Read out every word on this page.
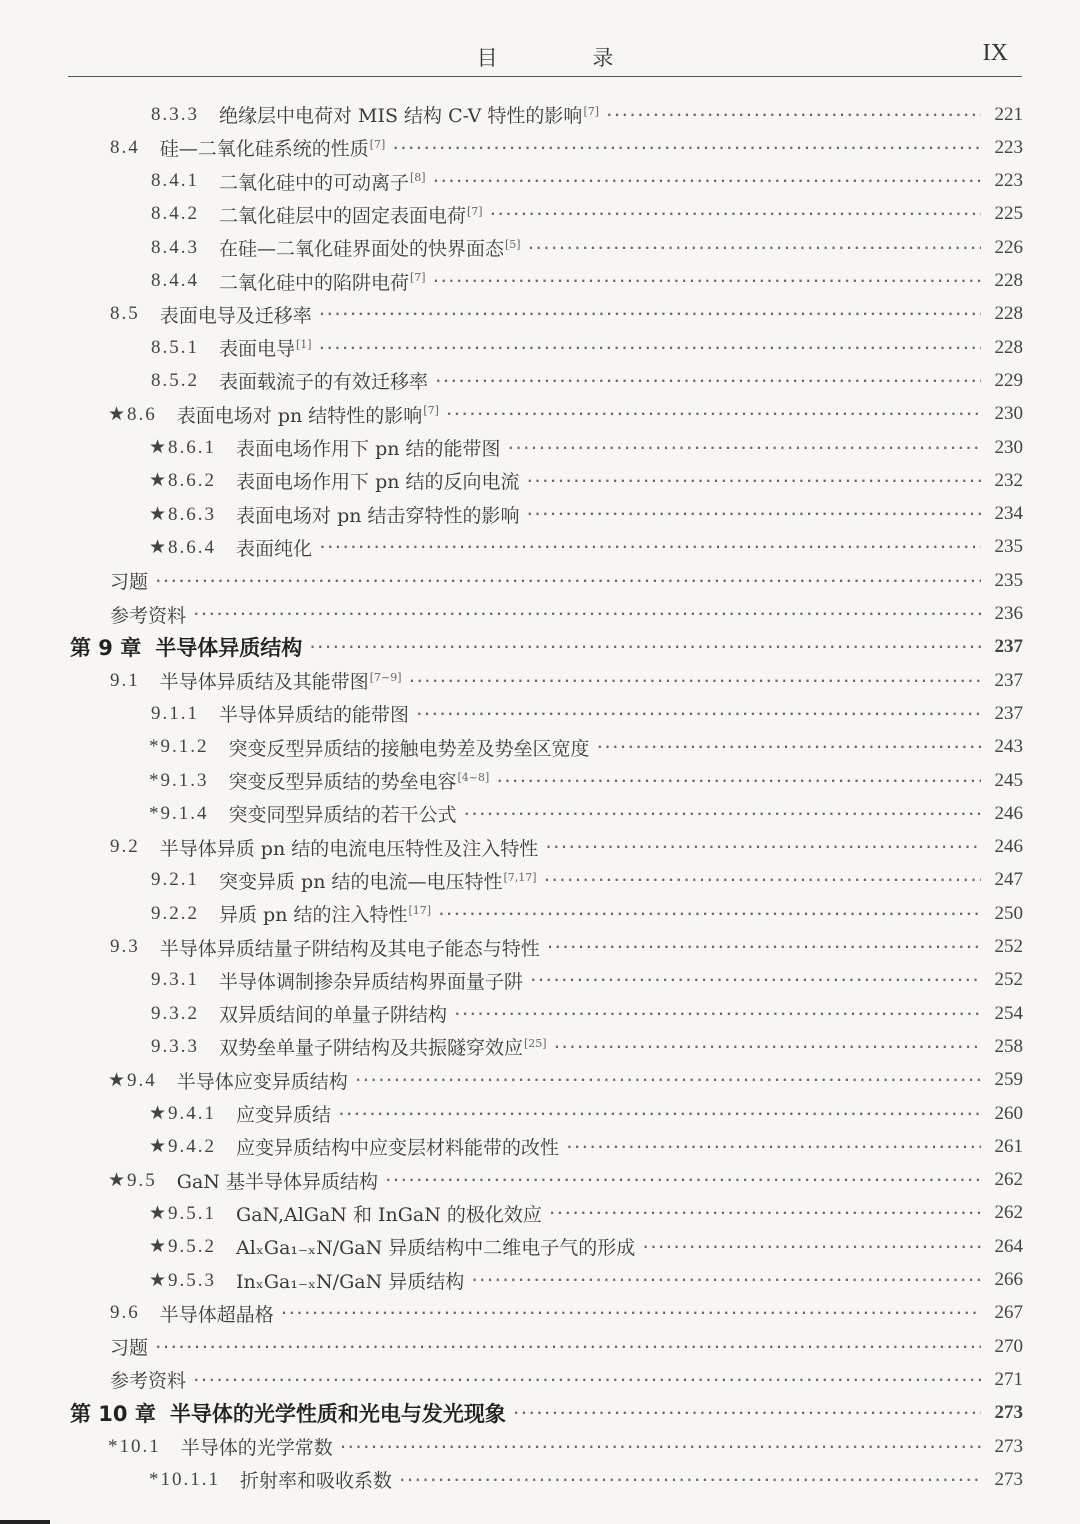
目 录	IX
8.3.3 绝缘层中电荷对 MIS 结构 C-V 特性的影响[7] ·····	221
8.4 硅—二氧化硅系统的性质[7] ·····	223
8.4.1 二氧化硅中的可动离子[8] ·····	223
8.4.2 二氧化硅层中的固定表面电荷[7] ·····	225
8.4.3 在硅—二氧化硅界面处的快界面态[5] ·····	226
8.4.4 二氧化硅中的陷阱电荷[7] ·····	228
8.5 表面电导及迁移率 ·····	228
8.5.1 表面电导[1] ·····	228
8.5.2 表面载流子的有效迁移率 ·····	229
★8.6 表面电场对 pn 结特性的影响[7] ·····	230
★8.6.1 表面电场作用下 pn 结的能带图 ·····	230
★8.6.2 表面电场作用下 pn 结的反向电流 ·····	232
★8.6.3 表面电场对 pn 结击穿特性的影响 ·····	234
★8.6.4 表面纯化 ·····	235
习题 ·····	235
参考资料 ·····	236
第 9 章 半导体异质结构 ·····	237
9.1 半导体异质结及其能带图[7~9] ·····	237
9.1.1 半导体异质结的能带图 ·····	237
*9.1.2 突变反型异质结的接触电势差及势垒区宽度 ·····	243
*9.1.3 突变反型异质结的势垒电容[4~8] ·····	245
*9.1.4 突变同型异质结的若干公式 ·····	246
9.2 半导体异质 pn 结的电流电压特性及注入特性 ·····	246
9.2.1 突变异质 pn 结的电流—电压特性[7,17] ·····	247
9.2.2 异质 pn 结的注入特性[17] ·····	250
9.3 半导体异质结量子阱结构及其电子能态与特性 ·····	252
9.3.1 半导体调制掺杂异质结构界面量子阱 ·····	252
9.3.2 双异质结间的单量子阱结构 ·····	254
9.3.3 双势垒单量子阱结构及共振隧穿效应[25] ·····	258
★9.4 半导体应变异质结构 ·····	259
★9.4.1 应变异质结 ·····	260
★9.4.2 应变异质结构中应变层材料能带的改性 ·····	261
★9.5 GaN 基半导体异质结构 ·····	262
★9.5.1 GaN,AlGaN 和 InGaN 的极化效应 ·····	262
★9.5.2 AlₓGa₁₋ₓN/GaN 异质结构中二维电子气的形成 ·····	264
★9.5.3 InₓGa₁₋ₓN/GaN 异质结构 ·····	266
9.6 半导体超晶格 ·····	267
习题 ·····	270
参考资料 ·····	271
第 10 章 半导体的光学性质和光电与发光现象 ·····	273
*10.1 半导体的光学常数 ·····	273
*10.1.1 折射率和吸收系数 ·····	273
